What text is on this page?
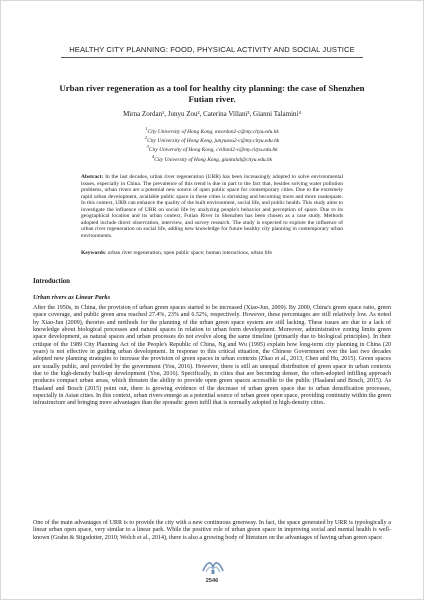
HEALTHY CITY PLANNING: FOOD, PHYSICAL ACTIVITY AND SOCIAL JUSTICE
Urban river regeneration as a tool for healthy city planning: the case of Shenzhen Futian river.
Mirna Zordan¹, Junyu Zou², Caterina Villani³, Gianni Talamini⁴
$^1$City University of Hong Kong, mzordan2-c@my.cityu.edu.hk
$^2$City University of Hong Kong, junyuzou2-c@my.cityu.edu.hk
$^3$City University of Hong Kong, cvillani2-c@my.cityu.edu.hk
$^4$City University of Hong Kong, giantalal@cityu.edu.hk
Abstract: In the last decades, urban river regeneration (URR) has been increasingly adopted to solve environmental issues, especially in China. The prevalence of this trend is due in part to the fact that, besides solving water pollution problems, urban rivers are a potential new source of open public space for contemporary cities. Due to the extremely rapid urban development, available public space in these cities is shrinking and becoming more and more inadequate. In this context, URR can enhance the quality of the built environment, social life, and public health. This study aims to investigate the influence of URR on social life by analyzing people's behavior and perception of space. Due to its geographical location and its urban context, Futian River in Shenzhen has been chosen as a case study. Methods adopted include direct observation, interview, and survey research. The study is expected to explore the influence of urban river regeneration on social life, adding new knowledge for future healthy city planning in contemporary urban environments.
Keywords: urban river regeneration, open public space; human interactions, urban life
Introduction
Urban rivers as Linear Parks
After the 1950s, in China, the provision of urban green spaces started to be increased (Xiao-Jun, 2009). By 2000, China's green space ratio, green space coverage, and public green area reached 27.4%, 23% and 6.52%, respectively. However, these percentages are still relatively low. As noted by Xiao-Jun (2009), theories and methods for the planning of the urban green space system are still lacking. These issues are due to a lack of knowledge about biological processes and natural spaces in relation to urban form development. Moreover, administrative zoning limits green space development, as natural spaces and urban processes do not evolve along the same timeline (primarily due to biological principles). In their critique of the 1989 City Planning Act of the People's Republic of China, Ng and Wu (1995) explain how long-term city planning in China (20 years) is not effective in guiding urban development. In response to this critical situation, the Chinese Government over the last two decades adopted new planning strategies to increase the provision of green spaces in urban contexts (Zhao et al., 2013, Chen and Hu, 2015). Green spaces are usually public, and provided by the government (You, 2016). However, there is still an unequal distribution of green space in urban contexts due to the high-density built-up development (You, 2016). Specifically, in cities that are becoming denser, the often-adopted infilling approach produces compact urban areas, which threaten the ability to provide open green spaces accessible to the public (Haaland and Bosch, 2015). As Haaland and Bosch (2015) point out, there is growing evidence of the decrease of urban green space due to urban densification processes, especially in Asian cities. In this context, urban rivers emerge as a potential source of urban green open space, providing continuity within the green infrastructure and bringing more advantages than the sporadic green infill that is normally adopted in high-density cities.
One of the main advantages of URR is to provide the city with a new continuous greenway. In fact, the space generated by URR is typologically a linear urban open space, very similar to a linear park. While the positive role of urban green space in improving social and mental health is well-known (Grahn & Stigsdotter, 2010; Wolch et al., 2014), there is also a growing body of literature on the advantages of having urban green space
2546
